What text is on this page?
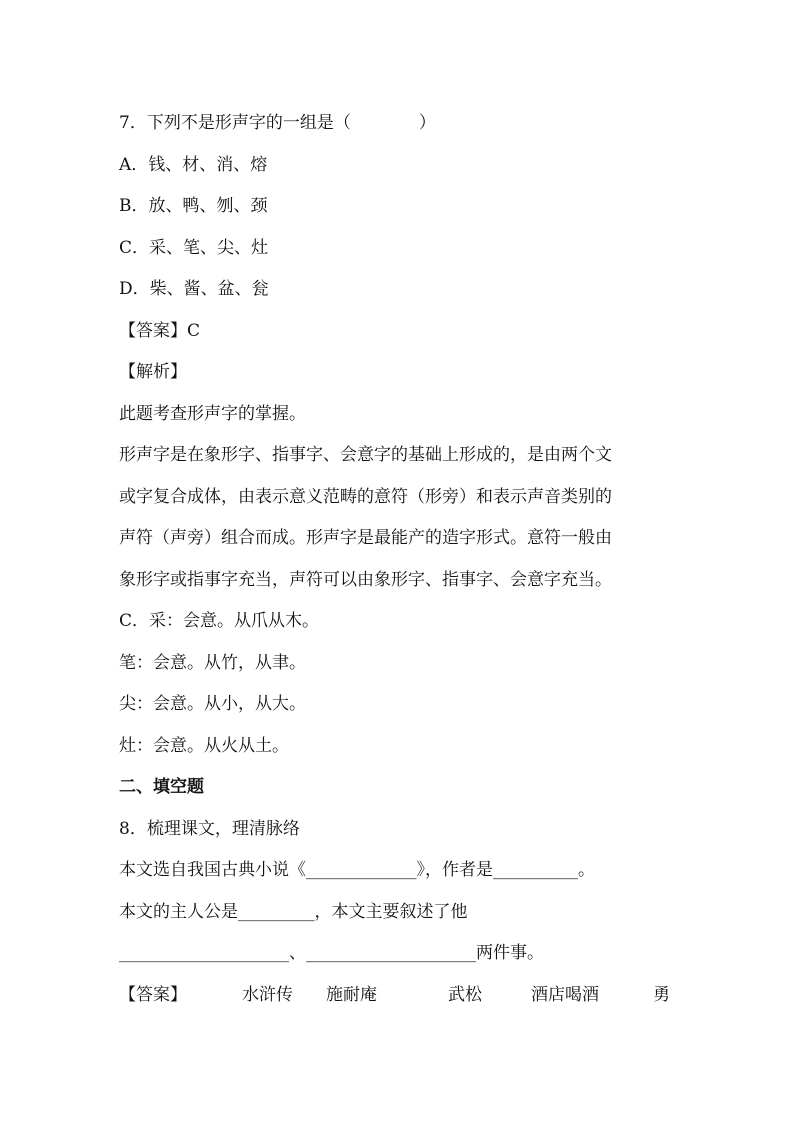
7．下列不是形声字的一组是（　　　　）
A．钱、材、消、熔
B．放、鸭、刎、颈
C．采、笔、尖、灶
D．柴、酱、盆、瓮
【答案】C
【解析】
此题考查形声字的掌握。
形声字是在象形字、指事字、会意字的基础上形成的，是由两个文
或字复合成体，由表示意义范畴的意符（形旁）和表示声音类别的
声符（声旁）组合而成。形声字是最能产的造字形式。意符一般由
象形字或指事字充当，声符可以由象形字、指事字、会意字充当。
C．采：会意。从爪从木。
笔：会意。从竹，从聿。
尖：会意。从小，从大。
灶：会意。从火从土。
二、填空题
8．梳理课文，理清脉络
本文选自我国古典小说《_____________》，作者是__________。
本文的主人公是_________，本文主要叙述了他
____________________、____________________两件事。
【答案】	水浒传	施耐庵	武松	酒店喝酒	勇
